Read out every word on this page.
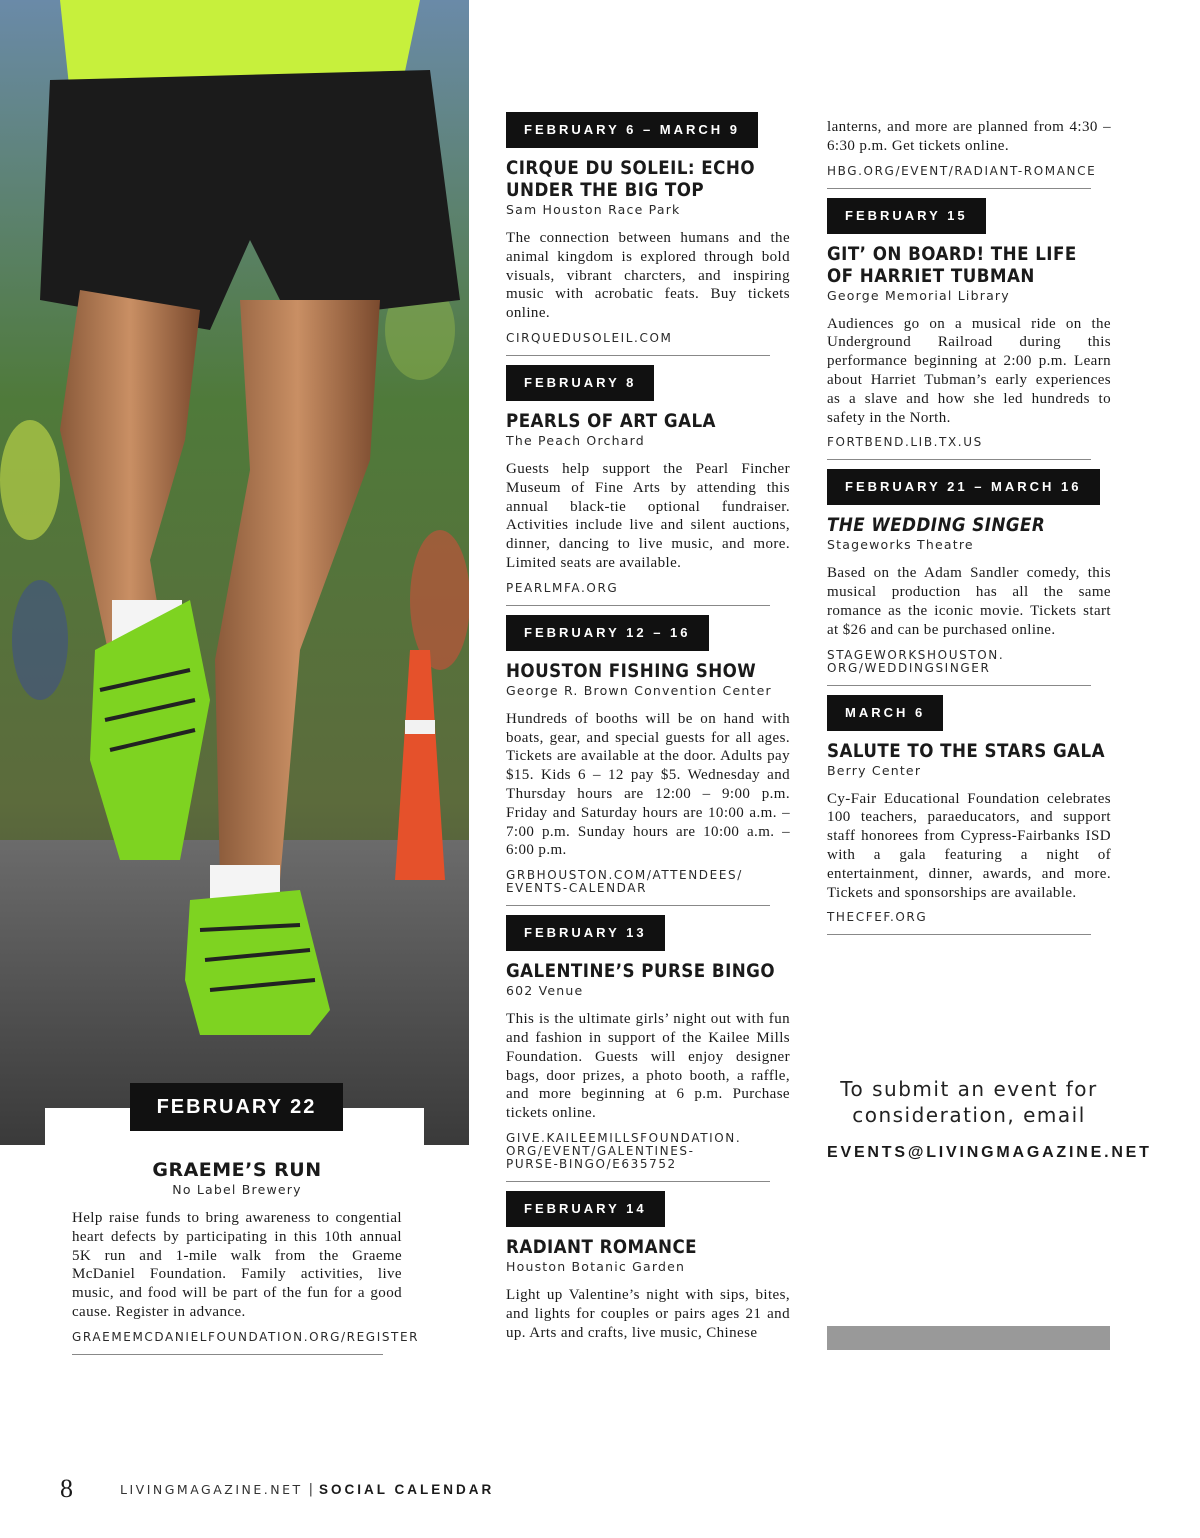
FEBRUARY 22
GRAEME’S RUN
No Label Brewery
Help raise funds to bring awareness to congential heart defects by participating in this 10th annual 5K run and 1-mile walk from the Graeme McDaniel Foundation. Family activities, live music, and food will be part of the fun for a good cause. Register in advance.
GRAEMEMCDANIELFOUNDATION.ORG/REGISTER
FEBRUARY 6 – MARCH 9
CIRQUE DU SOLEIL: ECHO
UNDER THE BIG TOP
Sam Houston Race Park
The connection between humans and the animal kingdom is explored through bold visuals, vibrant charcters, and inspiring music with acrobatic feats. Buy tickets online.
CIRQUEDUSOLEIL.COM
FEBRUARY 8
PEARLS OF ART GALA
The Peach Orchard
Guests help support the Pearl Fincher Museum of Fine Arts by attending this annual black-tie optional fundraiser. Activities include live and silent auctions, dinner, dancing to live music, and more. Limited seats are available.
PEARLMFA.ORG
FEBRUARY 12 – 16
HOUSTON FISHING SHOW
George R. Brown Convention Center
Hundreds of booths will be on hand with boats, gear, and special guests for all ages. Tickets are available at the door. Adults pay $15. Kids 6 – 12 pay $5. Wednesday and Thursday hours are 12:00 – 9:00 p.m. Friday and Saturday hours are 10:00 a.m. – 7:00 p.m. Sunday hours are 10:00 a.m. – 6:00 p.m.
GRBHOUSTON.COM/ATTENDEES/
EVENTS-CALENDAR
FEBRUARY 13
GALENTINE’S PURSE BINGO
602 Venue
This is the ultimate girls’ night out with fun and fashion in support of the Kailee Mills Foundation. Guests will enjoy designer bags, door prizes, a photo booth, a raffle, and more beginning at 6 p.m. Purchase tickets online.
GIVE.KAILEEMILLSFOUNDATION.
ORG/EVENT/GALENTINES-
PURSE-BINGO/E635752
FEBRUARY 14
RADIANT ROMANCE
Houston Botanic Garden
Light up Valentine’s night with sips, bites, and lights for couples or pairs ages 21 and up. Arts and crafts, live music, Chinese
lanterns, and more are planned from 4:30 – 6:30 p.m. Get tickets online.
HBG.ORG/EVENT/RADIANT-ROMANCE
FEBRUARY 15
GIT’ ON BOARD! THE LIFE
OF HARRIET TUBMAN
George Memorial Library
Audiences go on a musical ride on the Underground Railroad during this performance beginning at 2:00 p.m. Learn about Harriet Tubman’s early experiences as a slave and how she led hundreds to safety in the North.
FORTBEND.LIB.TX.US
FEBRUARY 21 – MARCH 16
THE WEDDING SINGER
Stageworks Theatre
Based on the Adam Sandler comedy, this musical production has all the same romance as the iconic movie. Tickets start at $26 and can be purchased online.
STAGEWORKSHOUSTON.
ORG/WEDDINGSINGER
MARCH 6
SALUTE TO THE STARS GALA
Berry Center
Cy-Fair Educational Foundation celebrates 100 teachers, paraeducators, and support staff honorees from Cypress-Fairbanks ISD with a gala featuring a night of entertainment, dinner, awards, and more. Tickets and sponsorships are available.
THECFEF.ORG
To submit an event for
consideration, email
EVENTS@LIVINGMAGAZINE.NET
8	LIVINGMAGAZINE.NET | SOCIAL CALENDAR
